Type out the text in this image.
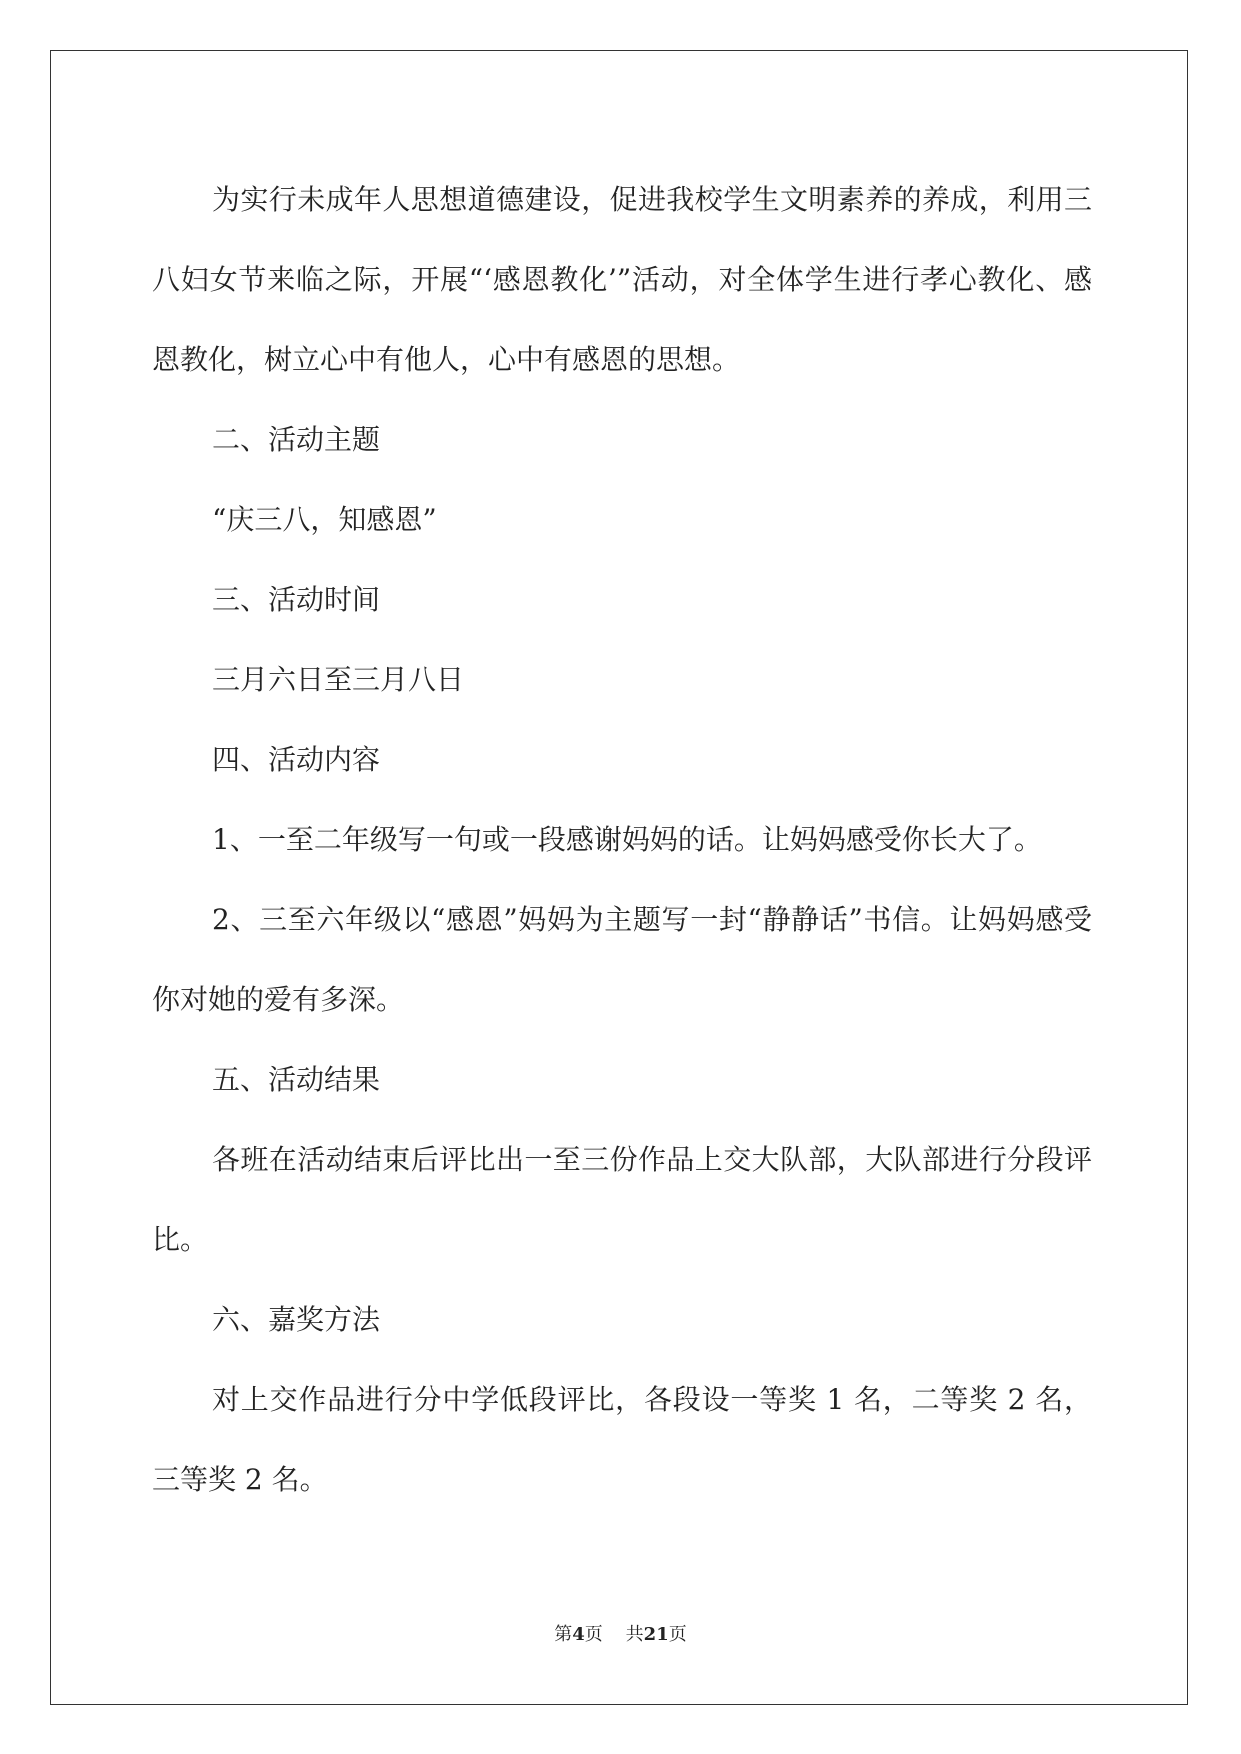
为实行未成年人思想道德建设，促进我校学生文明素养的养成，利用三八妇女节来临之际，开展“‘感恩教化’”活动，对全体学生进行孝心教化、感恩教化，树立心中有他人，心中有感恩的思想。

二、活动主题

“庆三八，知感恩”

三、活动时间

三月六日至三月八日

四、活动内容

1、一至二年级写一句或一段感谢妈妈的话。让妈妈感受你长大了。

2、三至六年级以“感恩”妈妈为主题写一封“静静话”书信。让妈妈感受你对她的爱有多深。

五、活动结果

各班在活动结束后评比出一至三份作品上交大队部，大队部进行分段评比。

六、嘉奖方法

对上交作品进行分中学低段评比，各段设一等奖 1 名，二等奖 2 名，三等奖 2 名。

第4页 共21页
